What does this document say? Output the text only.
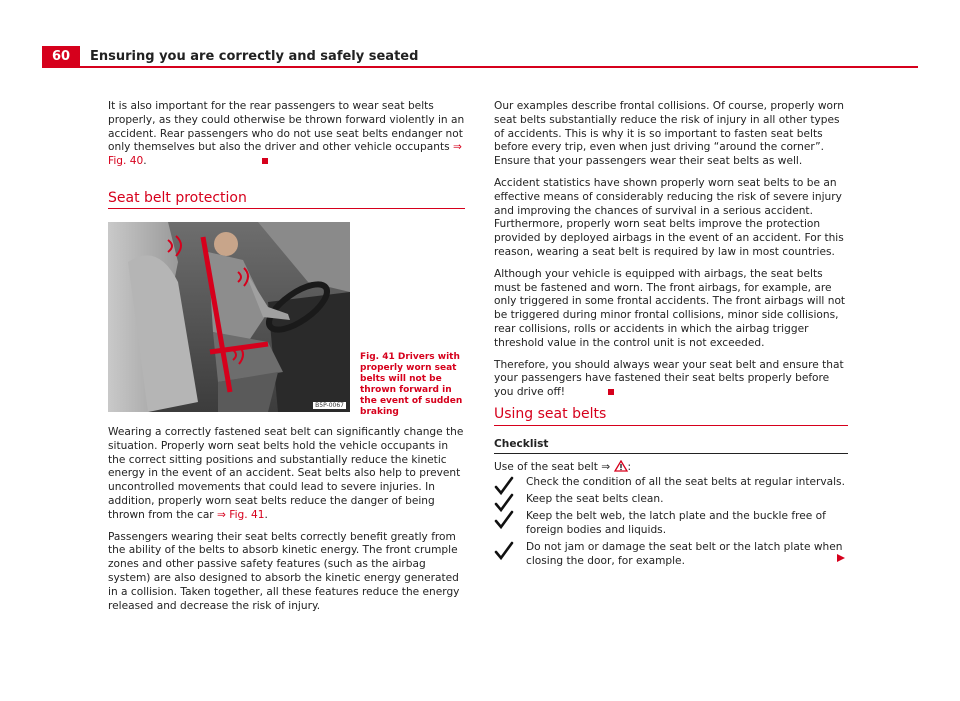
60	Ensuring you are correctly and safely seated

It is also important for the rear passengers to wear seat belts properly, as they could otherwise be thrown forward violently in an accident. Rear passengers who do not use seat belts endanger not only themselves but also the driver and other vehicle occupants ⇒ Fig. 40.

Seat belt protection
B5P-0067
Fig. 41 Drivers with properly worn seat belts will not be thrown forward in the event of sudden braking

Wearing a correctly fastened seat belt can significantly change the situation. Properly worn seat belts hold the vehicle occupants in the correct sitting positions and substantially reduce the kinetic energy in the event of an accident. Seat belts also help to prevent uncontrolled movements that could lead to severe injuries. In addition, properly worn seat belts reduce the danger of being thrown from the car ⇒ Fig. 41.

Passengers wearing their seat belts correctly benefit greatly from the ability of the belts to absorb kinetic energy. The front crumple zones and other passive safety features (such as the airbag system) are also designed to absorb the kinetic energy generated in a collision. Taken together, all these features reduce the energy released and decrease the risk of injury.

Our examples describe frontal collisions. Of course, properly worn seat belts substantially reduce the risk of injury in all other types of accidents. This is why it is so important to fasten seat belts before every trip, even when just driving “around the corner”. Ensure that your passengers wear their seat belts as well.

Accident statistics have shown properly worn seat belts to be an effective means of considerably reducing the risk of severe injury and improving the chances of survival in a serious accident. Furthermore, properly worn seat belts improve the protection provided by deployed airbags in the event of an accident. For this reason, wearing a seat belt is required by law in most countries.

Although your vehicle is equipped with airbags, the seat belts must be fastened and worn. The front airbags, for example, are only triggered in some frontal accidents. The front airbags will not be triggered during minor frontal collisions, minor side collisions, rear collisions, rolls or accidents in which the airbag trigger threshold value in the control unit is not exceeded.

Therefore, you should always wear your seat belt and ensure that your passengers have fastened their seat belts properly before you drive off!

Using seat belts
Checklist
Use of the seat belt ⇒ :
Check the condition of all the seat belts at regular intervals.
Keep the seat belts clean.
Keep the belt web, the latch plate and the buckle free of foreign bodies and liquids.
Do not jam or damage the seat belt or the latch plate when closing the door, for example.
